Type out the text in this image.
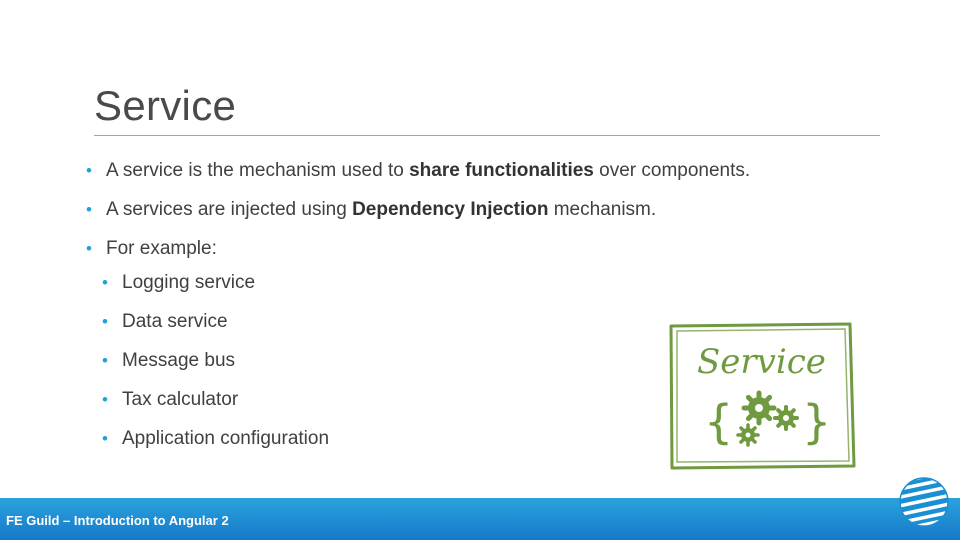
Service
• A service is the mechanism used to share functionalities over components.
• A services are injected using Dependency Injection mechanism.
• For example:
• Logging service
• Data service
• Message bus
• Tax calculator
• Application configuration
Service
{ }
FE Guild – Introduction to Angular 2
